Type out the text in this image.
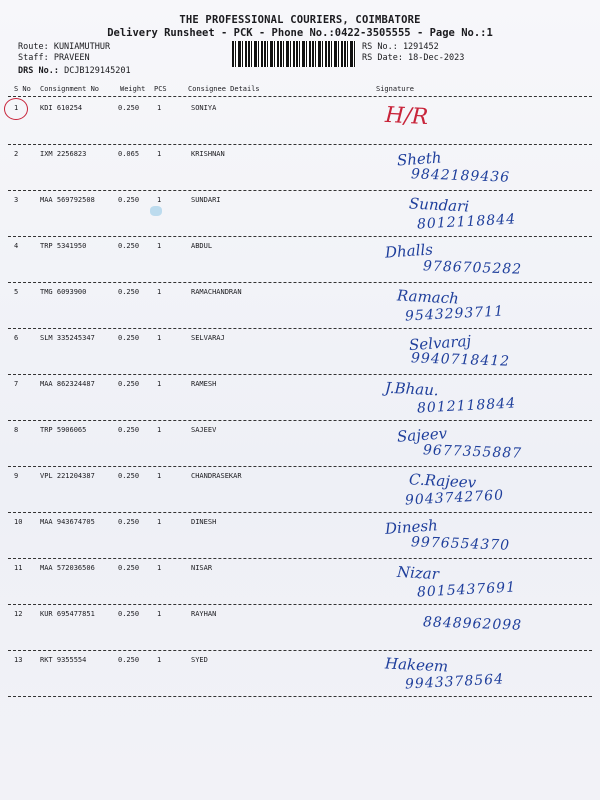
THE PROFESSIONAL COURIERS, COIMBATORE
Delivery Runsheet - PCK - Phone No.:0422-3505555 - Page No.:1
Route: KUNIAMUTHUR
Staff: PRAVEEN
DRS No.: DCJB129145201
RS No.: 1291452
RS Date: 18-Dec-2023
S No Consignment No	Weight PCS	Consignee Details	Signature
1	KDI 610254	0.250	1	SONIYA	H/R
2	IXM 2256823	0.065	1	KRISHNAN	Sheth
9842189436
3	MAA 569792508	0.250	1	SUNDARI	Sundari
8012118844
4	TRP 5341950	0.250	1	ABDUL	Dhalls
9786705282
5	TMG 6093900	0.250	1	RAMACHANDRAN	Ramach
9543293711
6	SLM 335245347	0.250	1	SELVARAJ	Selvaraj
9940718412
7	MAA 862324487	0.250	1	RAMESH	J.Bhau.
8012118844
8	TRP 5906065	0.250	1	SAJEEV	Sajeev
9677355887
9	VPL 221204387	0.250	1	CHANDRASEKAR	C.Rajeev
9043742760
10	MAA 943674705	0.250	1	DINESH	Dinesh
9976554370
11	MAA 572036506	0.250	1	NISAR	Nizar
8015437691
12	KUR 695477851	0.250	1	RAYHAN
8848962098
13	RKT 9355554	0.250	1	SYED	Hakeem
9943378564
